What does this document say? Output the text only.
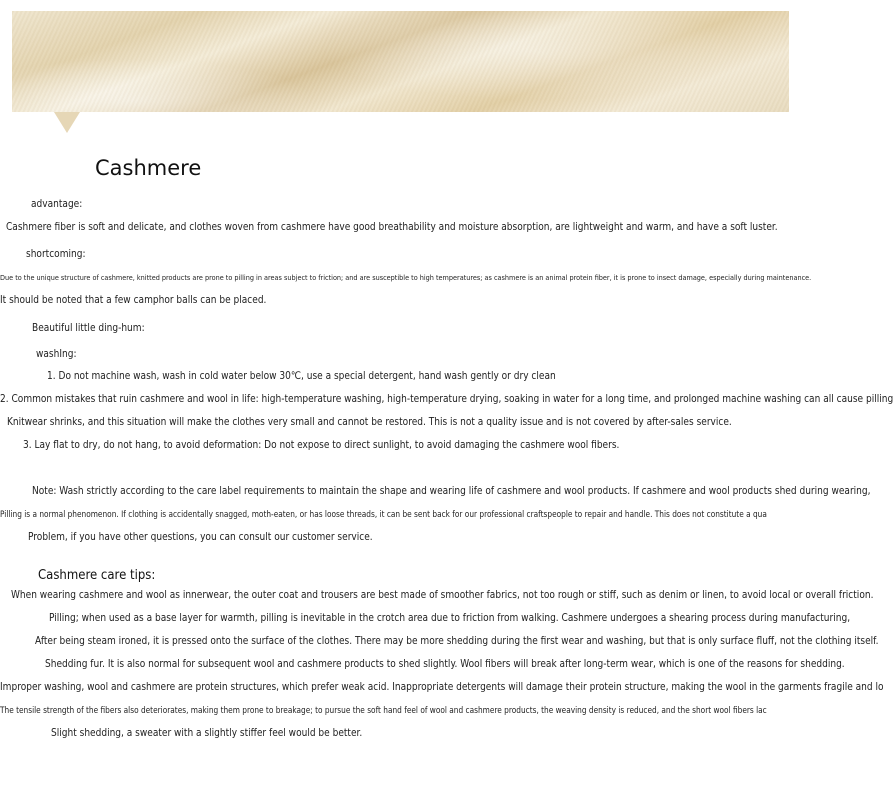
Cashmere
advantage:
Cashmere fiber is soft and delicate, and clothes woven from cashmere have good breathability and moisture absorption, are lightweight and warm, and have a soft luster.
shortcoming:
Due to the unique structure of cashmere, knitted products are prone to pilling in areas subject to friction; and are susceptible to high temperatures; as cashmere is an animal protein fiber, it is prone to insect damage, especially during maintenance.
It should be noted that a few camphor balls can be placed.
Beautiful little ding-hum:
washIng:
1. Do not machine wash, wash in cold water below 30℃, use a special detergent, hand wash gently or dry clean
2. Common mistakes that ruin cashmere and wool in life: high-temperature washing, high-temperature drying, soaking in water for a long time, and prolonged machine washing can all cause pilling
Knitwear shrinks, and this situation will make the clothes very small and cannot be restored. This is not a quality issue and is not covered by after-sales service.
3. Lay flat to dry, do not hang, to avoid deformation: Do not expose to direct sunlight, to avoid damaging the cashmere wool fibers.
Note: Wash strictly according to the care label requirements to maintain the shape and wearing life of cashmere and wool products. If cashmere and wool products shed during wearing,
Pilling is a normal phenomenon. If clothing is accidentally snagged, moth-eaten, or has loose threads, it can be sent back for our professional craftspeople to repair and handle. This does not constitute a qua
Problem, if you have other questions, you can consult our customer service.
Cashmere care tips:
When wearing cashmere and wool as innerwear, the outer coat and trousers are best made of smoother fabrics, not too rough or stiff, such as denim or linen, to avoid local or overall friction.
Pilling; when used as a base layer for warmth, pilling is inevitable in the crotch area due to friction from walking. Cashmere undergoes a shearing process during manufacturing,
After being steam ironed, it is pressed onto the surface of the clothes. There may be more shedding during the first wear and washing, but that is only surface fluff, not the clothing itself.
Shedding fur. It is also normal for subsequent wool and cashmere products to shed slightly. Wool fibers will break after long-term wear, which is one of the reasons for shedding.
Improper washing, wool and cashmere are protein structures, which prefer weak acid. Inappropriate detergents will damage their protein structure, making the wool in the garments fragile and lo
The tensile strength of the fibers also deteriorates, making them prone to breakage; to pursue the soft hand feel of wool and cashmere products, the weaving density is reduced, and the short wool fibers lac
Slight shedding, a sweater with a slightly stiffer feel would be better.
